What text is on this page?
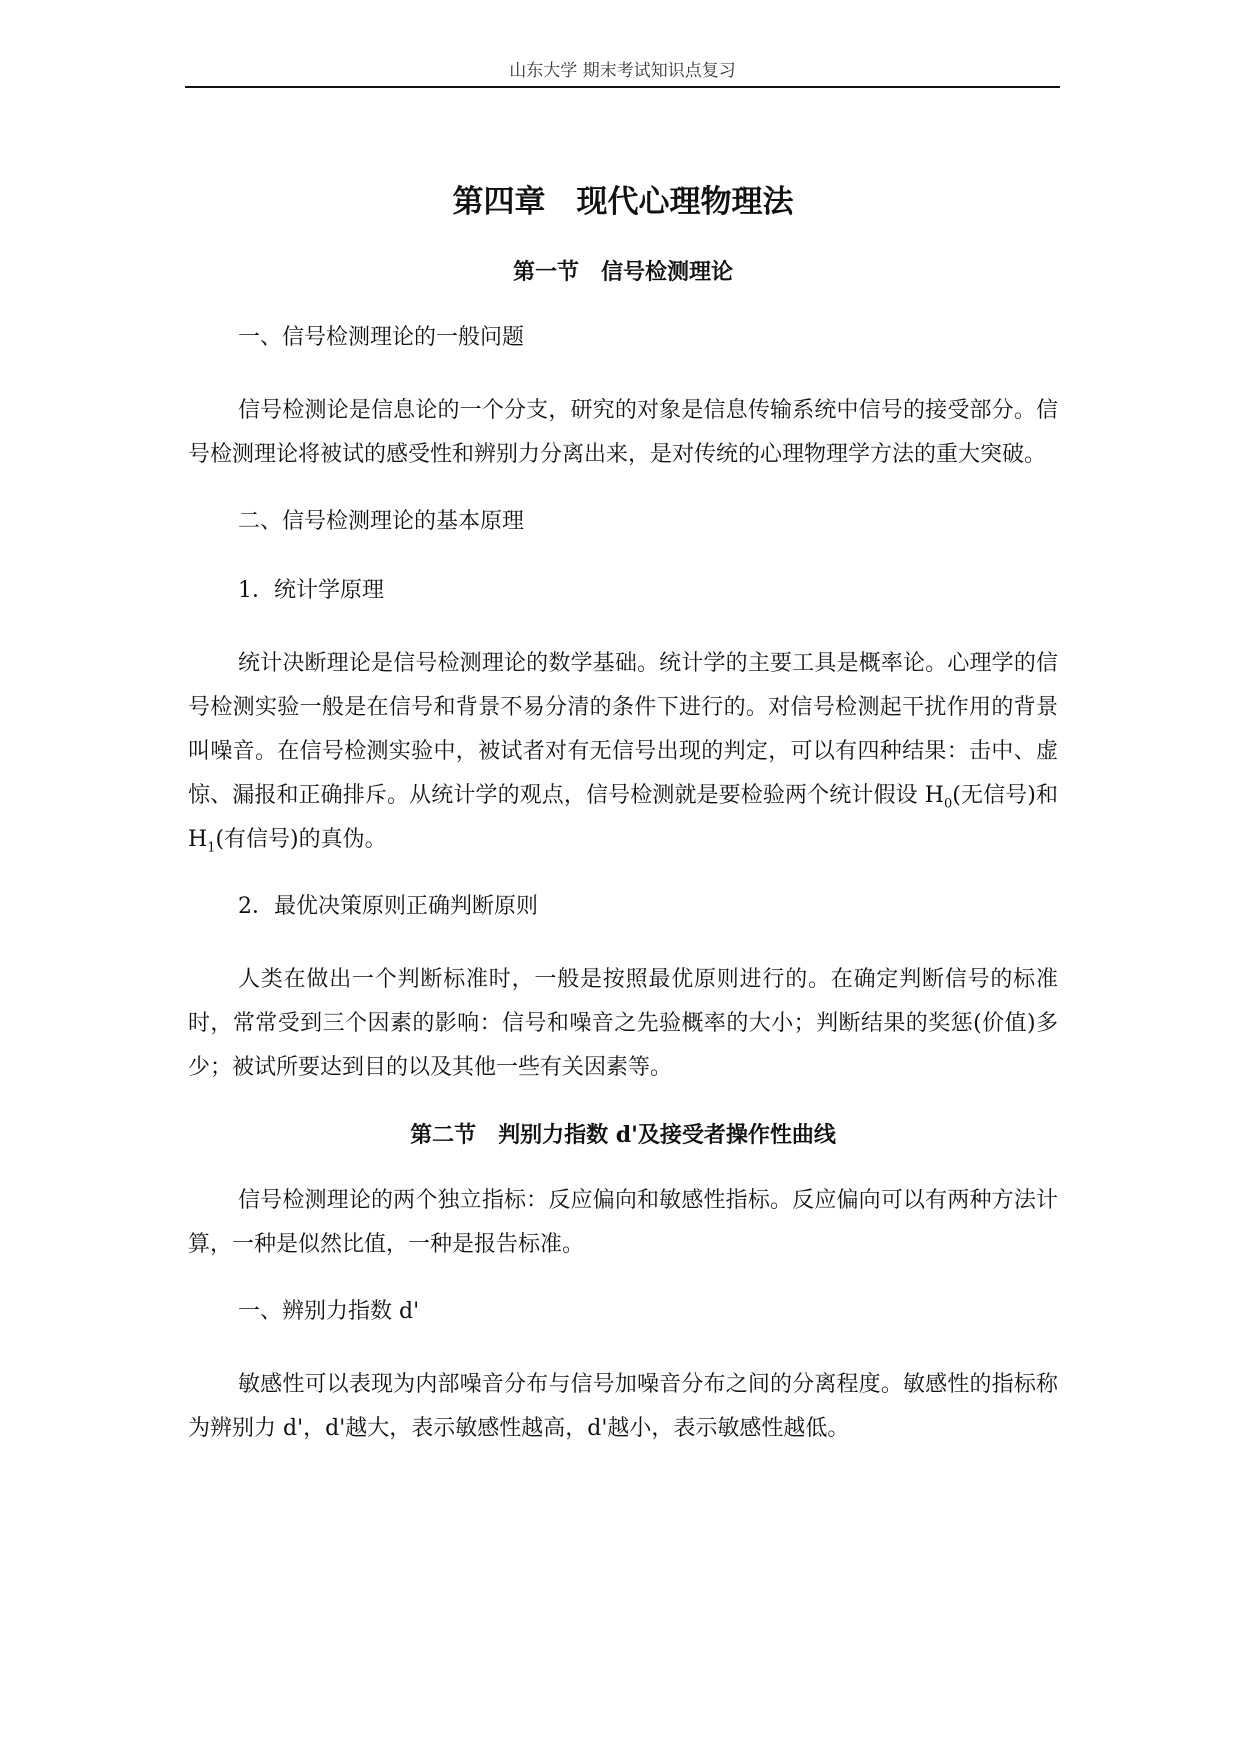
山东大学 期末考试知识点复习
第四章　现代心理物理法
第一节　信号检测理论
一、信号检测理论的一般问题
信号检测论是信息论的一个分支，研究的对象是信息传输系统中信号的接受部分。信号检测理论将被试的感受性和辨别力分离出来，是对传统的心理物理学方法的重大突破。
二、信号检测理论的基本原理
1．统计学原理
统计决断理论是信号检测理论的数学基础。统计学的主要工具是概率论。心理学的信号检测实验一般是在信号和背景不易分清的条件下进行的。对信号检测起干扰作用的背景叫噪音。在信号检测实验中，被试者对有无信号出现的判定，可以有四种结果：击中、虚惊、漏报和正确排斥。从统计学的观点，信号检测就是要检验两个统计假设 $H_0$(无信号)和 $H_1$(有信号)的真伪。
2．最优决策原则正确判断原则
人类在做出一个判断标准时，一般是按照最优原则进行的。在确定判断信号的标准时，常常受到三个因素的影响：信号和噪音之先验概率的大小；判断结果的奖惩(价值)多少；被试所要达到目的以及其他一些有关因素等。
第二节　判别力指数 d'及接受者操作性曲线
信号检测理论的两个独立指标：反应偏向和敏感性指标。反应偏向可以有两种方法计算，一种是似然比值，一种是报告标准。
一、辨别力指数 d'
敏感性可以表现为内部噪音分布与信号加噪音分布之间的分离程度。敏感性的指标称为辨别力 d'，d'越大，表示敏感性越高，d'越小，表示敏感性越低。
